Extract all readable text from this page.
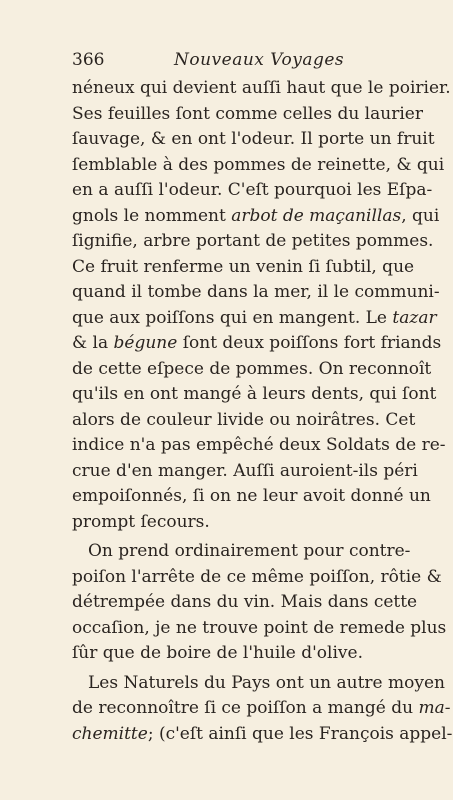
366	Nouveaux Voyages
néneux qui devient auſſi haut que le poirier.
Ses feuilles ſont comme celles du laurier
ſauvage, & en ont l'odeur. Il porte un fruit
ſemblable à des pommes de reinette, & qui
en a auſſi l'odeur. C'eſt pourquoi les Eſpa-
gnols le nomment arbot de maçanillas, qui
ſignifie, arbre portant de petites pommes.
Ce fruit renferme un venin ſi ſubtil, que
quand il tombe dans la mer, il le communi-
que aux poiſſons qui en mangent. Le tazar
& la bégune ſont deux poiſſons fort friands
de cette eſpece de pommes. On reconnoît
qu'ils en ont mangé à leurs dents, qui ſont
alors de couleur livide ou noirâtres. Cet
indice n'a pas empêché deux Soldats de re-
crue d'en manger. Auſſi auroient-ils péri
empoiſonnés, ſi on ne leur avoit donné un
prompt ſecours.
On prend ordinairement pour contre-
poiſon l'arrête de ce même poiſſon, rôtie &
détrempée dans du vin. Mais dans cette
occaſion, je ne trouve point de remede plus
ſûr que de boire de l'huile d'olive.
Les Naturels du Pays ont un autre moyen
de reconnoître ſi ce poiſſon a mangé du ma-
chemitte; (c'eſt ainſi que les François appel-
